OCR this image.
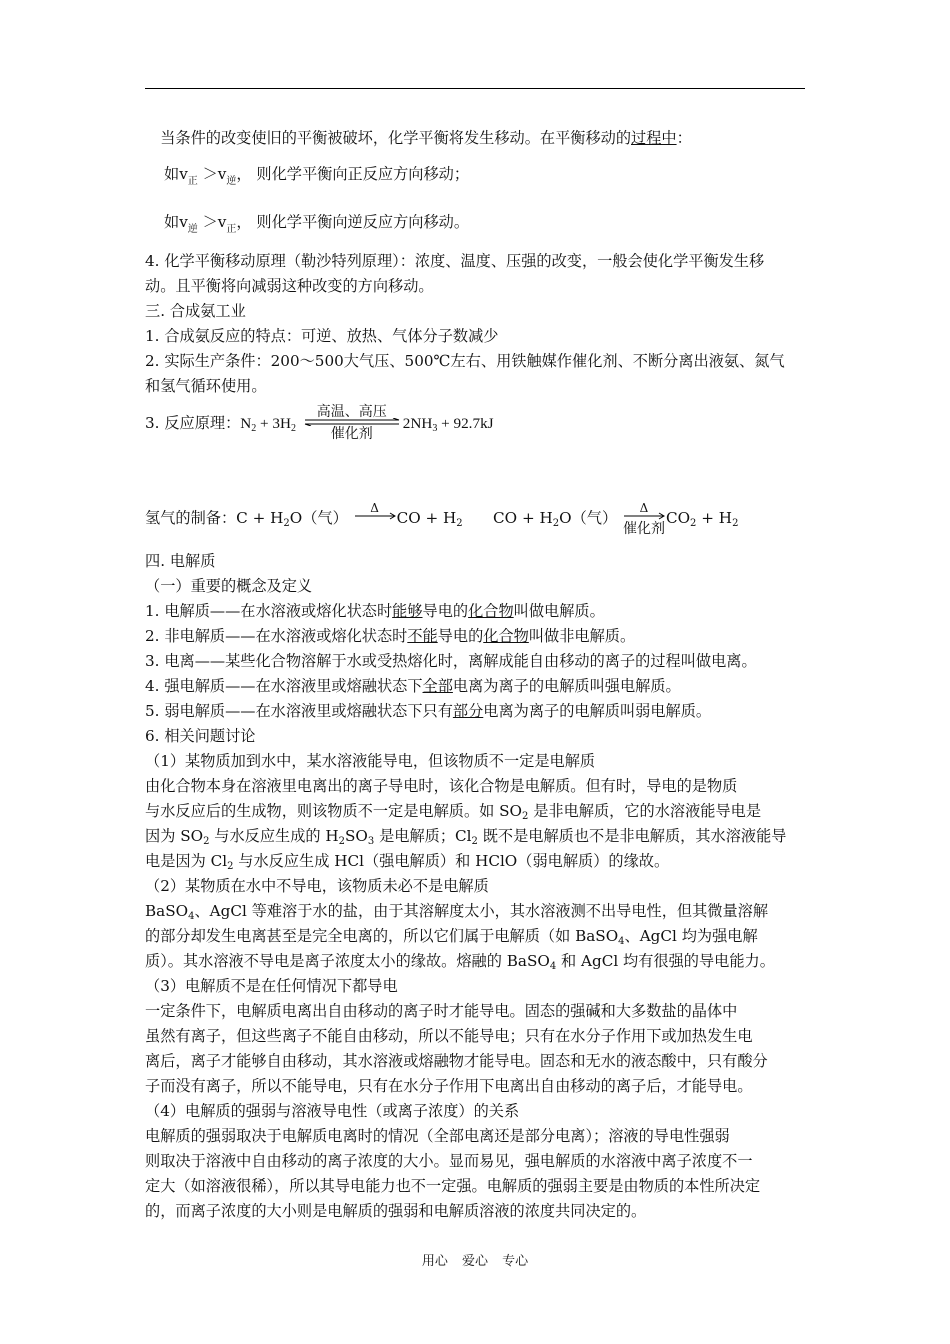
　当条件的改变使旧的平衡被破坏，化学平衡将发生移动。在平衡移动的过程中：
如$v_正 >v_逆$， 则化学平衡向正反应方向移动；
如$v_逆 >v_正$， 则化学平衡向逆反应方向移动。
4. 化学平衡移动原理（勒沙特列原理）：浓度、温度、压强的改变，一般会使化学平衡发生移
动。且平衡将向减弱这种改变的方向移动。
三. 合成氨工业
1. 合成氨反应的特点：可逆、放热、气体分子数减少
2. 实际生产条件：200～500大气压、500℃左右、用铁触媒作催化剂、不断分离出液氨、氮气
和氢气循环使用。
3. 反应原理：$N_2 + 3H_2$
高温、高压
催化剂
$2NH_3 + 92.7kJ$
氢气的制备：$C + H_2O$（气）
Δ
CO + $H_2$　　 CO + $H_2O$（气）
Δ
催化剂
$CO_2 + H_2$
四. 电解质
（一）重要的概念及定义
1. 电解质——在水溶液或熔化状态时能够导电的化合物叫做电解质。
2. 非电解质——在水溶液或熔化状态时不能导电的化合物叫做非电解质。
3. 电离——某些化合物溶解于水或受热熔化时，离解成能自由移动的离子的过程叫做电离。
4. 强电解质——在水溶液里或熔融状态下全部电离为离子的电解质叫强电解质。
5. 弱电解质——在水溶液里或熔融状态下只有部分电离为离子的电解质叫弱电解质。
6. 相关问题讨论
（1）某物质加到水中，某水溶液能导电，但该物质不一定是电解质
由化合物本身在溶液里电离出的离子导电时，该化合物是电解质。但有时，导电的是物质
与水反应后的生成物，则该物质不一定是电解质。如 $SO_2$ 是非电解质，它的水溶液能导电是
因为 $SO_2$ 与水反应生成的 $H_2SO_3$ 是电解质；$Cl_2$ 既不是电解质也不是非电解质，其水溶液能导
电是因为 $Cl_2$ 与水反应生成 HCl（强电解质）和 HClO（弱电解质）的缘故。
（2）某物质在水中不导电，该物质未必不是电解质
BaSO$_4$、AgCl 等难溶于水的盐，由于其溶解度太小，其水溶液测不出导电性，但其微量溶解
的部分却发生电离甚至是完全电离的，所以它们属于电解质（如 BaSO$_4$、AgCl 均为强电解
质）。其水溶液不导电是离子浓度太小的缘故。熔融的 BaSO$_4$ 和 AgCl 均有很强的导电能力。
（3）电解质不是在任何情况下都导电
一定条件下，电解质电离出自由移动的离子时才能导电。固态的强碱和大多数盐的晶体中
虽然有离子，但这些离子不能自由移动，所以不能导电；只有在水分子作用下或加热发生电
离后，离子才能够自由移动，其水溶液或熔融物才能导电。固态和无水的液态酸中，只有酸分
子而没有离子，所以不能导电，只有在水分子作用下电离出自由移动的离子后，才能导电。
（4）电解质的强弱与溶液导电性（或离子浓度）的关系
电解质的强弱取决于电解质电离时的情况（全部电离还是部分电离）；溶液的导电性强弱
则取决于溶液中自由移动的离子浓度的大小。显而易见，强电解质的水溶液中离子浓度不一
定大（如溶液很稀），所以其导电能力也不一定强。电解质的强弱主要是由物质的本性所决定
的，而离子浓度的大小则是电解质的强弱和电解质溶液的浓度共同决定的。
用心 爱心 专心
